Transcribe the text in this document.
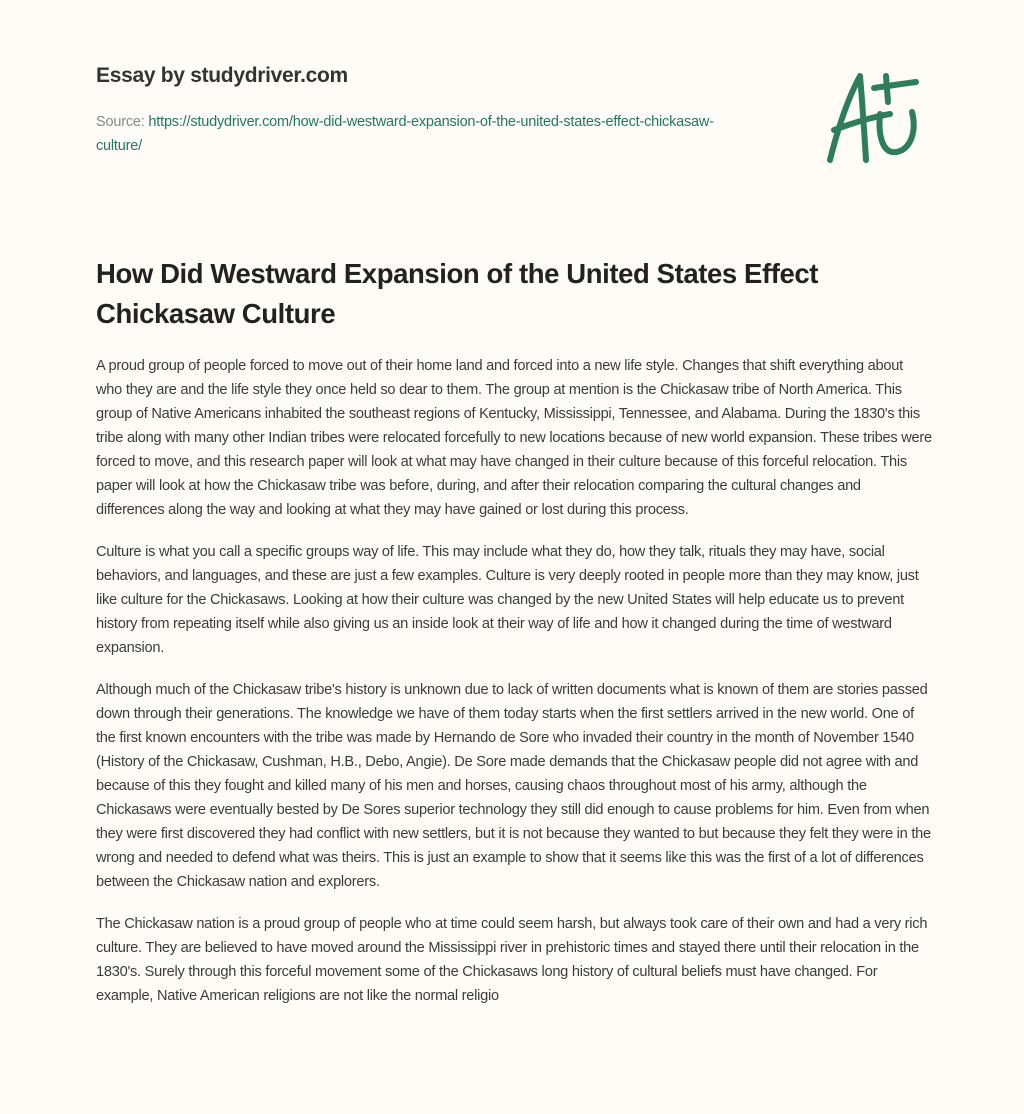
Essay by studydriver.com
Source: https://studydriver.com/how-did-westward-expansion-of-the-united-states-effect-chickasaw-culture/
How Did Westward Expansion of the United States Effect Chickasaw Culture

A proud group of people forced to move out of their home land and forced into a new life style. Changes that shift everything about who they are and the life style they once held so dear to them. The group at mention is the Chickasaw tribe of North America. This group of Native Americans inhabited the southeast regions of Kentucky, Mississippi, Tennessee, and Alabama. During the 1830's this tribe along with many other Indian tribes were relocated forcefully to new locations because of new world expansion. These tribes were forced to move, and this research paper will look at what may have changed in their culture because of this forceful relocation. This paper will look at how the Chickasaw tribe was before, during, and after their relocation comparing the cultural changes and differences along the way and looking at what they may have gained or lost during this process.

Culture is what you call a specific groups way of life. This may include what they do, how they talk, rituals they may have, social behaviors, and languages, and these are just a few examples. Culture is very deeply rooted in people more than they may know, just like culture for the Chickasaws. Looking at how their culture was changed by the new United States will help educate us to prevent history from repeating itself while also giving us an inside look at their way of life and how it changed during the time of westward expansion.

Although much of the Chickasaw tribe's history is unknown due to lack of written documents what is known of them are stories passed down through their generations. The knowledge we have of them today starts when the first settlers arrived in the new world. One of the first known encounters with the tribe was made by Hernando de Sore who invaded their country in the month of November 1540 (History of the Chickasaw, Cushman, H.B., Debo, Angie). De Sore made demands that the Chickasaw people did not agree with and because of this they fought and killed many of his men and horses, causing chaos throughout most of his army, although the Chickasaws were eventually bested by De Sores superior technology they still did enough to cause problems for him. Even from when they were first discovered they had conflict with new settlers, but it is not because they wanted to but because they felt they were in the wrong and needed to defend what was theirs. This is just an example to show that it seems like this was the first of a lot of differences between the Chickasaw nation and explorers.

The Chickasaw nation is a proud group of people who at time could seem harsh, but always took care of their own and had a very rich culture. They are believed to have moved around the Mississippi river in prehistoric times and stayed there until their relocation in the 1830's. Surely through this forceful movement some of the Chickasaws long history of cultural beliefs must have changed. For example, Native American religions are not like the normal religio
